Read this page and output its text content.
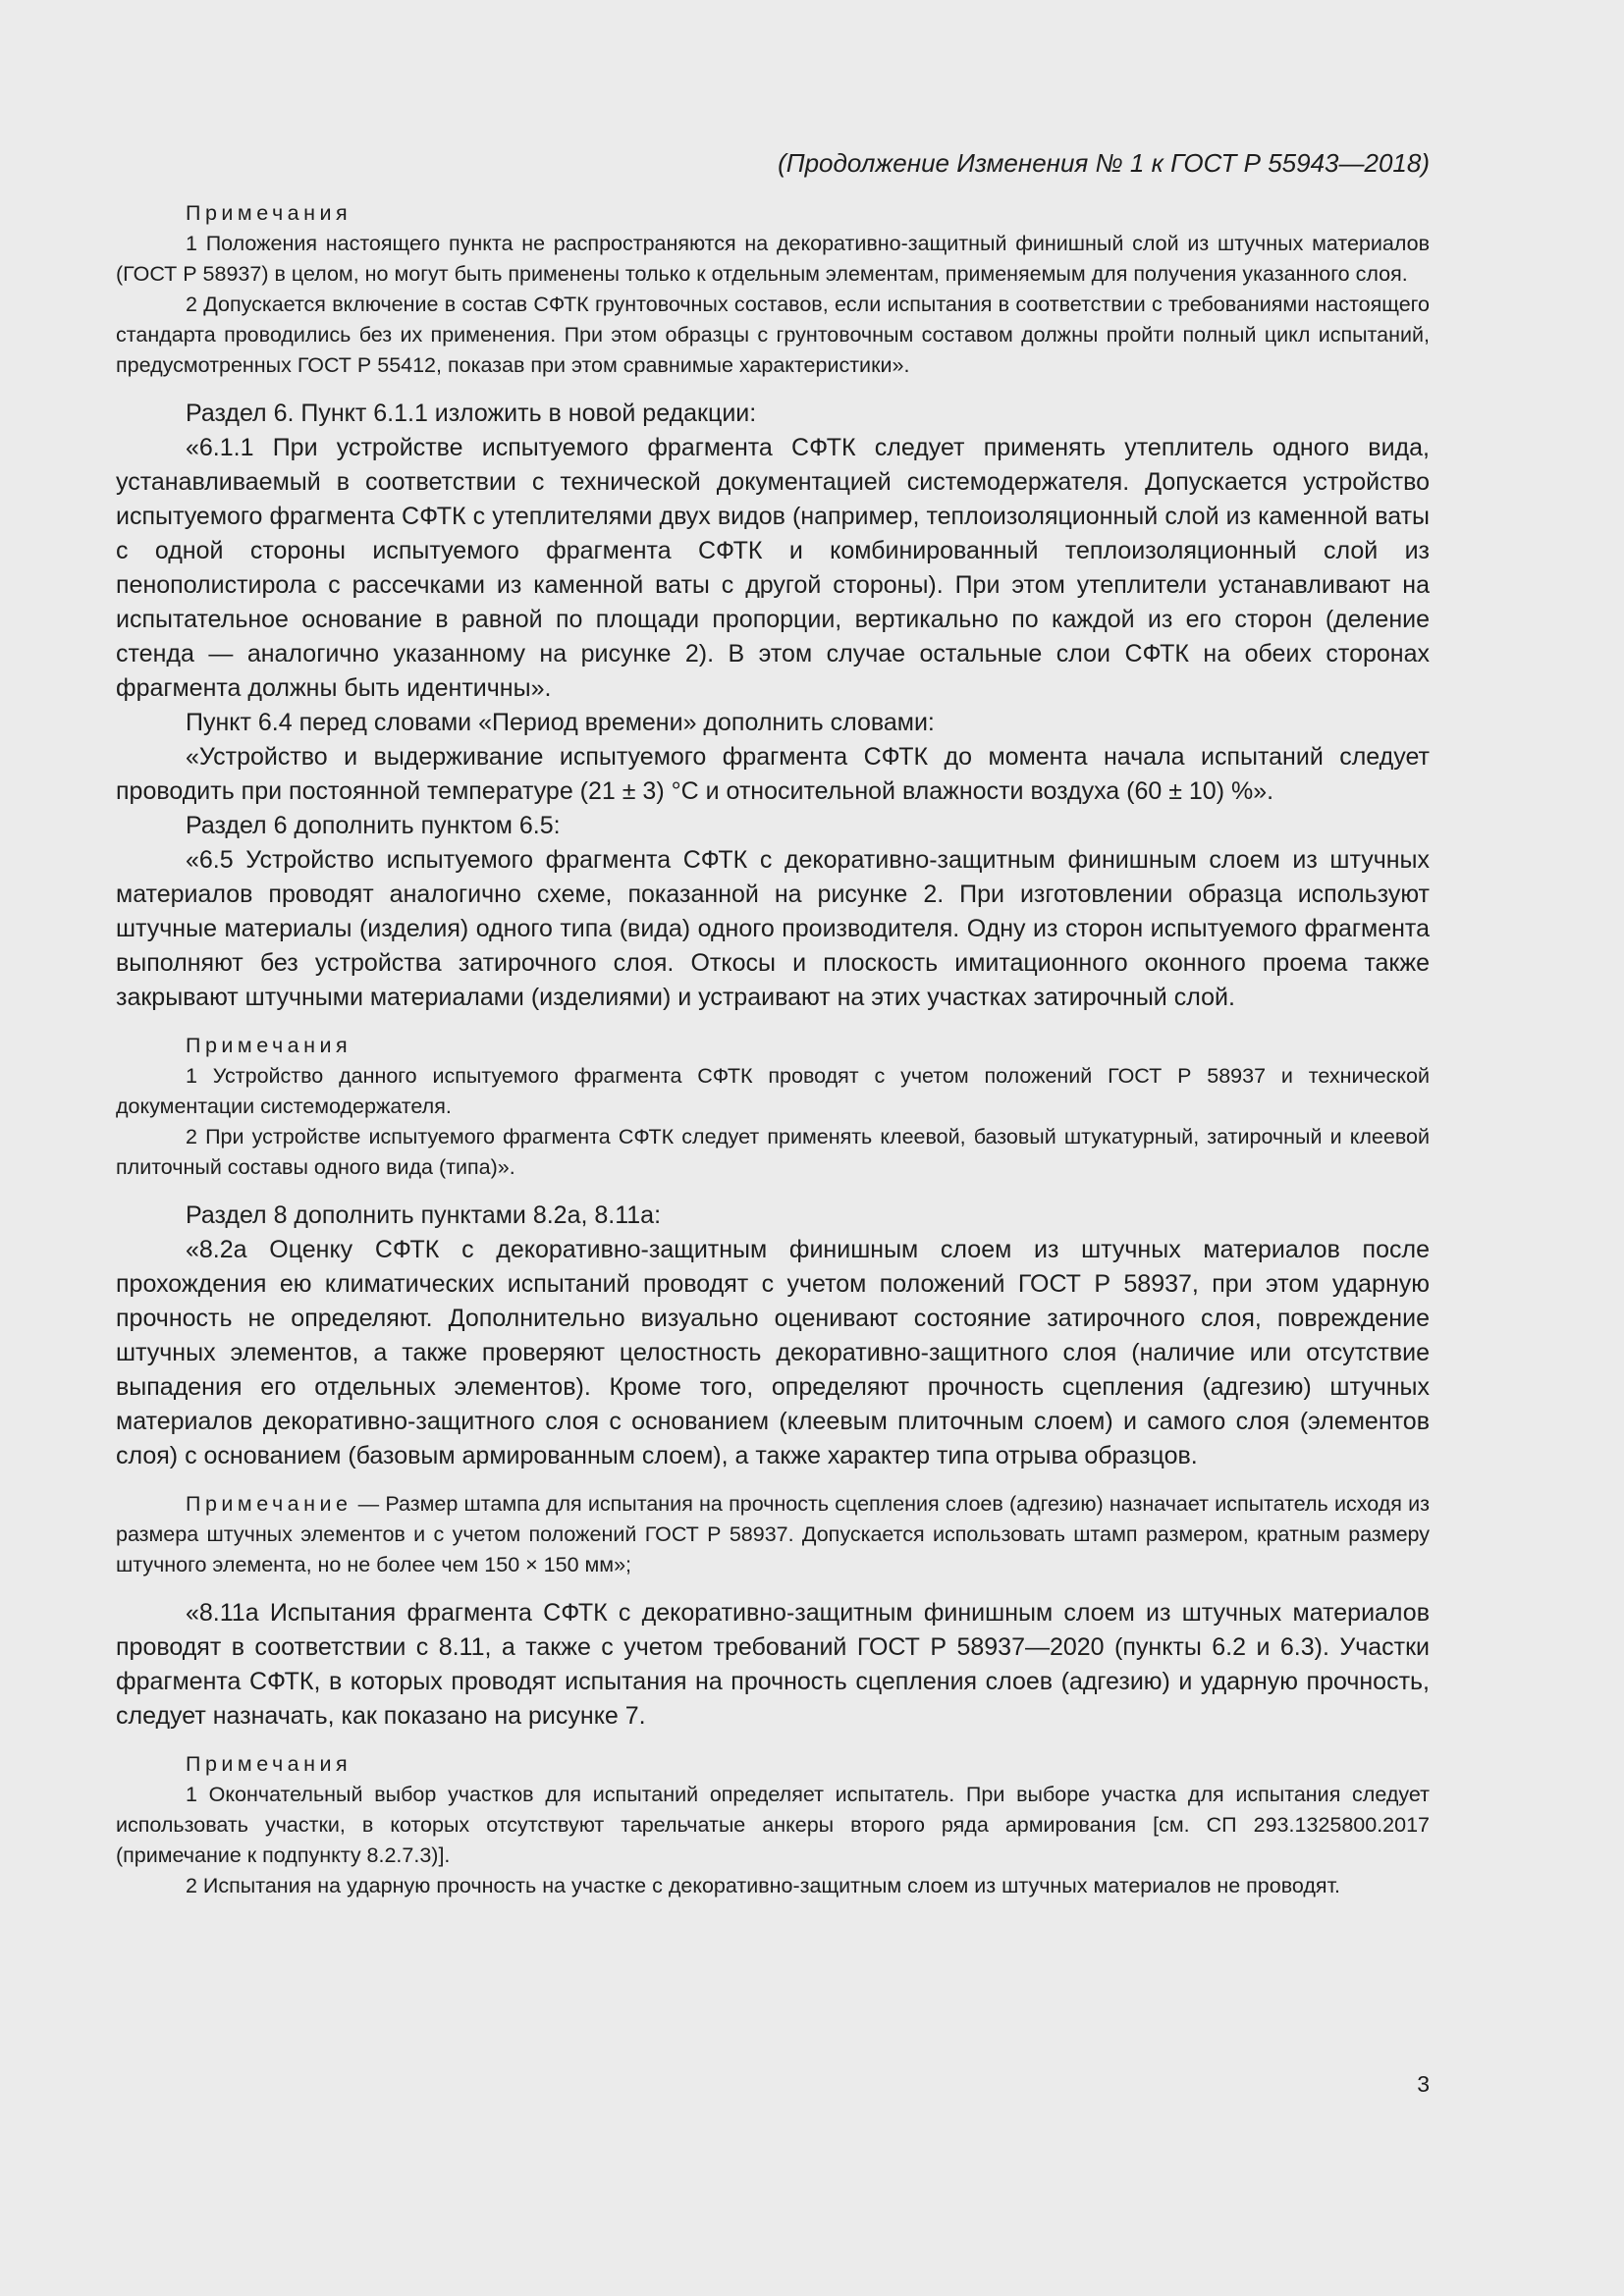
(Продолжение Изменения № 1 к ГОСТ Р 55943—2018)
Примечания

1 Положения настоящего пункта не распространяются на декоративно-защитный финишный слой из штучных материалов (ГОСТ Р 58937) в целом, но могут быть применены только к отдельным элементам, применяемым для получения указанного слоя.

2 Допускается включение в состав СФТК грунтовочных составов, если испытания в соответствии с требованиями настоящего стандарта проводились без их применения. При этом образцы с грунтовочным составом должны пройти полный цикл испытаний, предусмотренных ГОСТ Р 55412, показав при этом сравнимые характеристики».

Раздел 6. Пункт 6.1.1 изложить в новой редакции:

«6.1.1 При устройстве испытуемого фрагмента СФТК следует применять утеплитель одного вида, устанавливаемый в соответствии с технической документацией системодержателя. Допускается устройство испытуемого фрагмента СФТК с утеплителями двух видов (например, теплоизоляционный слой из каменной ваты с одной стороны испытуемого фрагмента СФТК и комбинированный теплоизоляционный слой из пенополистирола с рассечками из каменной ваты с другой стороны). При этом утеплители устанавливают на испытательное основание в равной по площади пропорции, вертикально по каждой из его сторон (деление стенда — аналогично указанному на рисунке 2). В этом случае остальные слои СФТК на обеих сторонах фрагмента должны быть идентичны».

Пункт 6.4 перед словами «Период времени» дополнить словами:

«Устройство и выдерживание испытуемого фрагмента СФТК до момента начала испытаний следует проводить при постоянной температуре (21 ± 3) °С и относительной влажности воздуха (60 ± 10) %».

Раздел 6 дополнить пунктом 6.5:

«6.5 Устройство испытуемого фрагмента СФТК с декоративно-защитным финишным слоем из штучных материалов проводят аналогично схеме, показанной на рисунке 2. При изготовлении образца используют штучные материалы (изделия) одного типа (вида) одного производителя. Одну из сторон испытуемого фрагмента выполняют без устройства затирочного слоя. Откосы и плоскость имитационного оконного проема также закрывают штучными материалами (изделиями) и устраивают на этих участках затирочный слой.

Примечания

1 Устройство данного испытуемого фрагмента СФТК проводят с учетом положений ГОСТ Р 58937 и технической документации системодержателя.

2 При устройстве испытуемого фрагмента СФТК следует применять клеевой, базовый штукатурный, затирочный и клеевой плиточный составы одного вида (типа)».

Раздел 8 дополнить пунктами 8.2а, 8.11а:

«8.2а Оценку СФТК с декоративно-защитным финишным слоем из штучных материалов после прохождения ею климатических испытаний проводят с учетом положений ГОСТ Р 58937, при этом ударную прочность не определяют. Дополнительно визуально оценивают состояние затирочного слоя, повреждение штучных элементов, а также проверяют целостность декоративно-защитного слоя (наличие или отсутствие выпадения его отдельных элементов). Кроме того, определяют прочность сцепления (адгезию) штучных материалов декоративно-защитного слоя с основанием (клеевым плиточным слоем) и самого слоя (элементов слоя) с основанием (базовым армированным слоем), а также характер типа отрыва образцов.

Примечание — Размер штампа для испытания на прочность сцепления слоев (адгезию) назначает испытатель исходя из размера штучных элементов и с учетом положений ГОСТ Р 58937. Допускается использовать штамп размером, кратным размеру штучного элемента, но не более чем 150 × 150 мм»;

«8.11а Испытания фрагмента СФТК с декоративно-защитным финишным слоем из штучных материалов проводят в соответствии с 8.11, а также с учетом требований ГОСТ Р 58937—2020 (пункты 6.2 и 6.3). Участки фрагмента СФТК, в которых проводят испытания на прочность сцепления слоев (адгезию) и ударную прочность, следует назначать, как показано на рисунке 7.

Примечания

1 Окончательный выбор участков для испытаний определяет испытатель. При выборе участка для испытания следует использовать участки, в которых отсутствуют тарельчатые анкеры второго ряда армирования [см. СП 293.1325800.2017 (примечание к подпункту 8.2.7.3)].

2 Испытания на ударную прочность на участке с декоративно-защитным слоем из штучных материалов не проводят.

3
